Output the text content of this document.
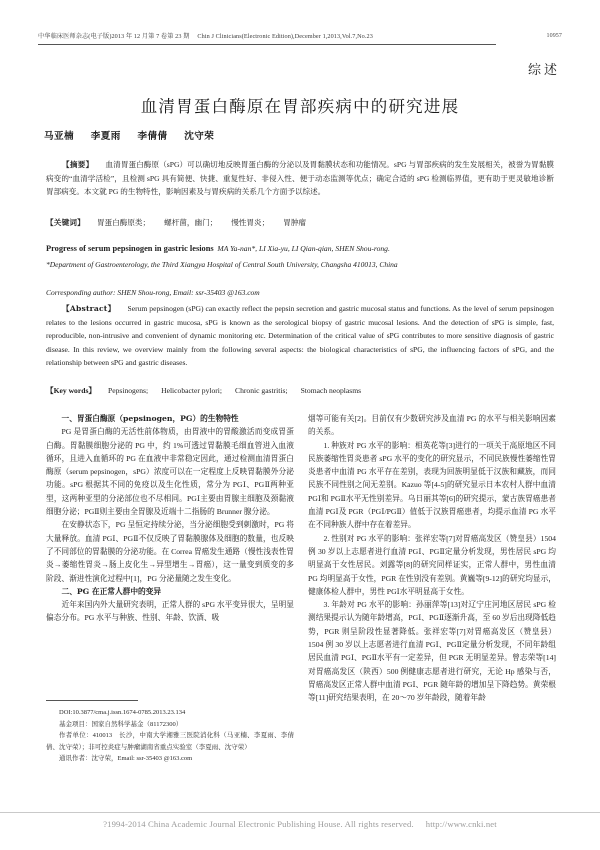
中华临床医师杂志(电子版)2013 年 12 月第 7 卷第 23 期　 Chin J Clinicians(Electronic Edition),December 1,2013,Vol.7,No.23	10957
综述
血清胃蛋白酶原在胃部疾病中的研究进展
马亚楠 李夏雨 李倩倩 沈守荣
【摘要】 血清胃蛋白酶原（sPG）可以确切地反映胃蛋白酶的分泌以及胃黏膜状态和功能情况。sPG 与胃部疾病的发生发展相关，被誉为胃黏膜病变的“血清学活检”，且检测 sPG 具有简便、快捷、重复性好、非侵入性、便于动态监测等优点；确定合适的 sPG 检测临界值，更有助于更灵敏地诊断胃部病变。本文就 PG 的生物特性，影响因素及与胃疾病的关系几个方面予以综述。
【关键词】 胃蛋白酶原类； 螺杆菌，幽门； 慢性胃炎； 胃肿瘤
Progress of serum pepsinogen in gastric lesions MA Ya-nan*, LI Xia-yu, LI Qian-qian, SHEN Shou-rong.
*Department of Gastroenterology, the Third Xiangya Hospital of Central South University, Changsha 410013, China
Corresponding author: SHEN Shou-rong, Email: ssr-35403 @163.com
【Abstract】 Serum pepsinogen (sPG) can exactly reflect the pepsin secretion and gastric mucosal status and functions. As the level of serum pepsinogen relates to the lesions occurred in gastric mucosa, sPG is known as the serological biopsy of gastric mucosal lesions. And the detection of sPG is simple, fast, reproducible, non-intrusive and convenient of dynamic monitoring etc. Determination of the critical value of sPG contributes to more sensitive diagnosis of gastric disease. In this review, we overview mainly from the following several aspects: the biological characteristics of sPG, the influencing factors of sPG, and the relationship between sPG and gastric diseases.
【Key words】 Pepsinogens; Helicobacter pylori; Chronic gastritis; Stomach neoplasms

一、胃蛋白酶原（pepsinogen，PG）的生物特性

PG 是胃蛋白酶的无活性前体物质，由胃液中的胃酸激活而变成胃蛋白酶。胃黏膜细胞分泌的 PG 中，约 1%可透过胃黏膜毛细血管进入血液循环，且进入血循环的 PG 在血液中非常稳定因此，通过检测血清胃蛋白酶原（serum pepsinogen，sPG）浓度可以在一定程度上反映胃黏膜外分泌功能。sPG 根据其不同的免疫以及生化性质，常分为 PGⅠ、PGⅡ两种亚型，这两种亚型的分泌部位也不尽相同。PGⅠ主要由胃腺主细胞及颈黏液细胞分泌；PGⅡ则主要由全胃腺及近端十二指肠的 Brunner 腺分泌。

在安静状态下，PG 呈恒定持续分泌，当分泌细胞受到刺激时，PG 将大量释放。血清 PGⅠ、PGⅡ不仅反映了胃黏膜腺体及细胞的数量，也反映了不同部位的胃黏膜的分泌功能。在 Correa 胃癌发生通路（慢性浅表性胃炎→萎缩性胃炎→肠上皮化生→异型增生→胃癌），这一量变到质变的多阶段、渐进性演化过程中[1]，PG 分泌量随之发生变化。

二、PG 在正常人群中的变异

近年来国内外大量研究表明，正常人群的 sPG 水平变异很大，呈明显偏态分布。PG 水平与种族、性别、年龄、饮酒、吸

烟等可能有关[2]。目前仅有少数研究涉及血清 PG 的水平与相关影响因素的关系。

1. 种族对 PG 水平的影响：相英花等[3]进行的一项关于高原地区不同民族萎缩性胃炎患者 sPG 水平的变化的研究显示，不同民族慢性萎缩性胃炎患者中血清 PG 水平存在差别，表现为回族明显低于汉族和藏族，而同民族不同性别之间无差别。Kazuo 等[4-5]的研究显示日本农村人群中血清 PGⅠ和 PGⅡ水平无性别差异。乌日丽其等[6]的研究提示，蒙古族胃癌患者血清 PGⅠ及 PGR（PGⅠ/PGⅡ）值低于汉族胃癌患者，均提示血清 PG 水平在不同种族人群中存在着差异。

2. 性别对 PG 水平的影响：张祥宏等[7]对胃癌高发区（赞皇县）1504 例 30 岁以上志愿者进行血清 PGⅠ、PGⅡ定量分析发现，男性居民 sPG 均明显高于女性居民。刘露等[8]的研究同样证实，正常人群中，男性血清 PG 均明显高于女性，PGR 在性别没有差别。黄巍等[9-12]的研究均显示，健康体检人群中，男性 PGⅠ水平明显高于女性。

3. 年龄对 PG 水平的影响：孙丽萍等[13]对辽宁庄河地区居民 sPG 检测结果提示认为随年龄增高，PGⅠ、PGⅡ逐渐升高，至 60 岁后出现降低趋势，PGR 则呈阶段性显著降低。张祥宏等[7]对胃癌高发区（赞皇县）1504 例 30 岁以上志愿者进行血清 PGⅠ、PGⅡ定量分析发现，不同年龄组居民血清 PGⅠ、PGⅡ水平有一定差异，但 PGR 无明显差异。曾志荣等[14]对胃癌高发区（陕西）500 例健康志愿者进行研究，无论 Hp 感染与否，胃癌高发区正常人群中血清 PGⅠ、PGR 随年龄的增加呈下降趋势。黄荣根等[11]研究结果表明，在 20～70 岁年龄段，随着年龄

DOI:10.3877/cma.j.issn.1674-0785.2013.23.134

基金项目：国家自然科学基金（81172300）

作者单位：410013　长沙，中南大学湘雅三医院消化科（马亚楠、李夏雨、李倩倩、沈守荣）；非可控炎症与肿瘤湖南省重点实验室（李夏雨、沈守荣）

通讯作者：沈守荣，Email: ssr-35403 @163.com

?1994-2014 China Academic Journal Electronic Publishing House. All rights reserved. http://www.cnki.net
